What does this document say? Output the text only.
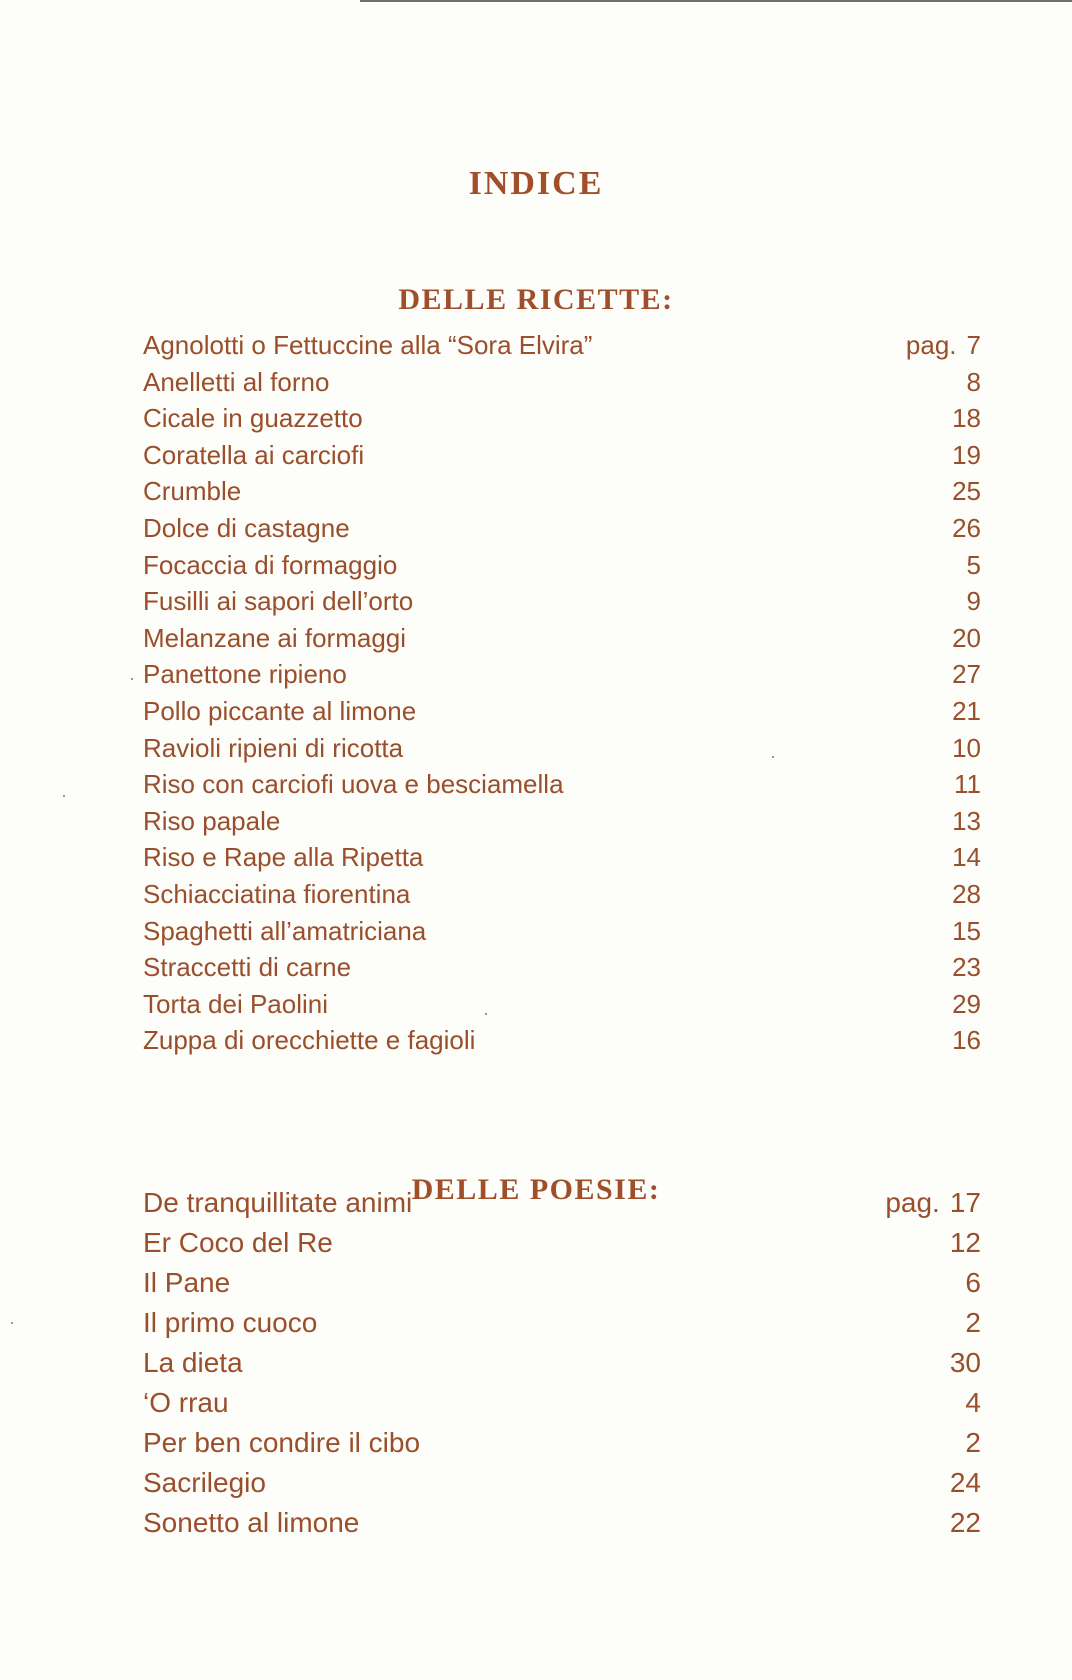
INDICE
DELLE RICETTE:
Agnolotti o Fettuccine alla “Sora Elvira”	pag. 7
Anelletti al forno	8
Cicale in guazzetto	18
Coratella ai carciofi	19
Crumble	25
Dolce di castagne	26
Focaccia di formaggio	5
Fusilli ai sapori dell’orto	9
Melanzane ai formaggi	20
Panettone ripieno	27
Pollo piccante al limone	21
Ravioli ripieni di ricotta	10
Riso con carciofi uova e besciamella	11
Riso papale	13
Riso e Rape alla Ripetta	14
Schiacciatina fiorentina	28
Spaghetti all’amatriciana	15
Straccetti di carne	23
Torta dei Paolini	29
Zuppa di orecchiette e fagioli	16
DELLE POESIE:
De tranquillitate animi	pag. 17
Er Coco del Re	12
Il Pane	6
Il primo cuoco	2
La dieta	30
‘O rrau	4
Per ben condire il cibo	2
Sacrilegio	24
Sonetto al limone	22
